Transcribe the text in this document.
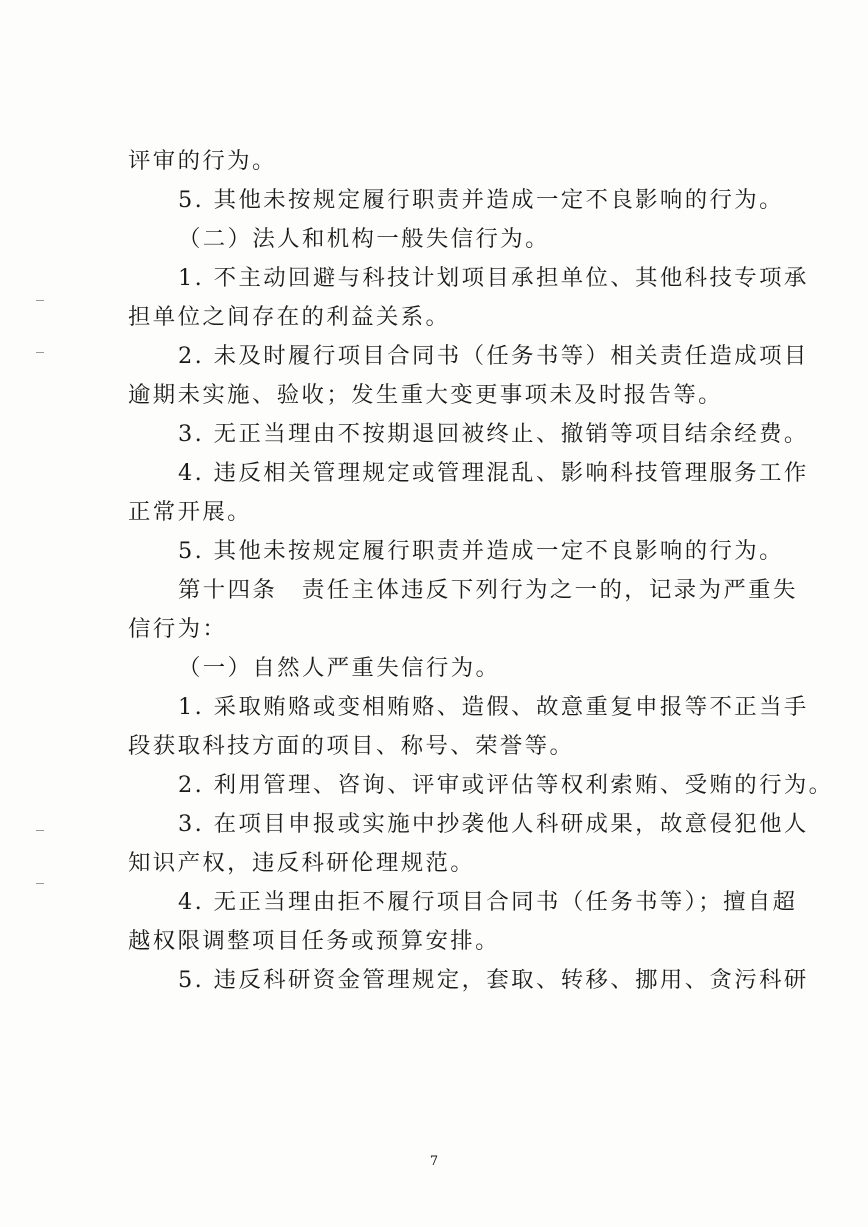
评审的行为。
5. 其他未按规定履行职责并造成一定不良影响的行为。
（二）法人和机构一般失信行为。
1. 不主动回避与科技计划项目承担单位、其他科技专项承
担单位之间存在的利益关系。
2. 未及时履行项目合同书（任务书等）相关责任造成项目
逾期未实施、验收；发生重大变更事项未及时报告等。
3. 无正当理由不按期退回被终止、撤销等项目结余经费。
4. 违反相关管理规定或管理混乱、影响科技管理服务工作
正常开展。
5. 其他未按规定履行职责并造成一定不良影响的行为。
第十四条　责任主体违反下列行为之一的，记录为严重失
信行为：
（一）自然人严重失信行为。
1. 采取贿赂或变相贿赂、造假、故意重复申报等不正当手
段获取科技方面的项目、称号、荣誉等。
2. 利用管理、咨询、评审或评估等权利索贿、受贿的行为。
3. 在项目申报或实施中抄袭他人科研成果，故意侵犯他人
知识产权，违反科研伦理规范。
4. 无正当理由拒不履行项目合同书（任务书等）；擅自超
越权限调整项目任务或预算安排。
5. 违反科研资金管理规定，套取、转移、挪用、贪污科研
7
